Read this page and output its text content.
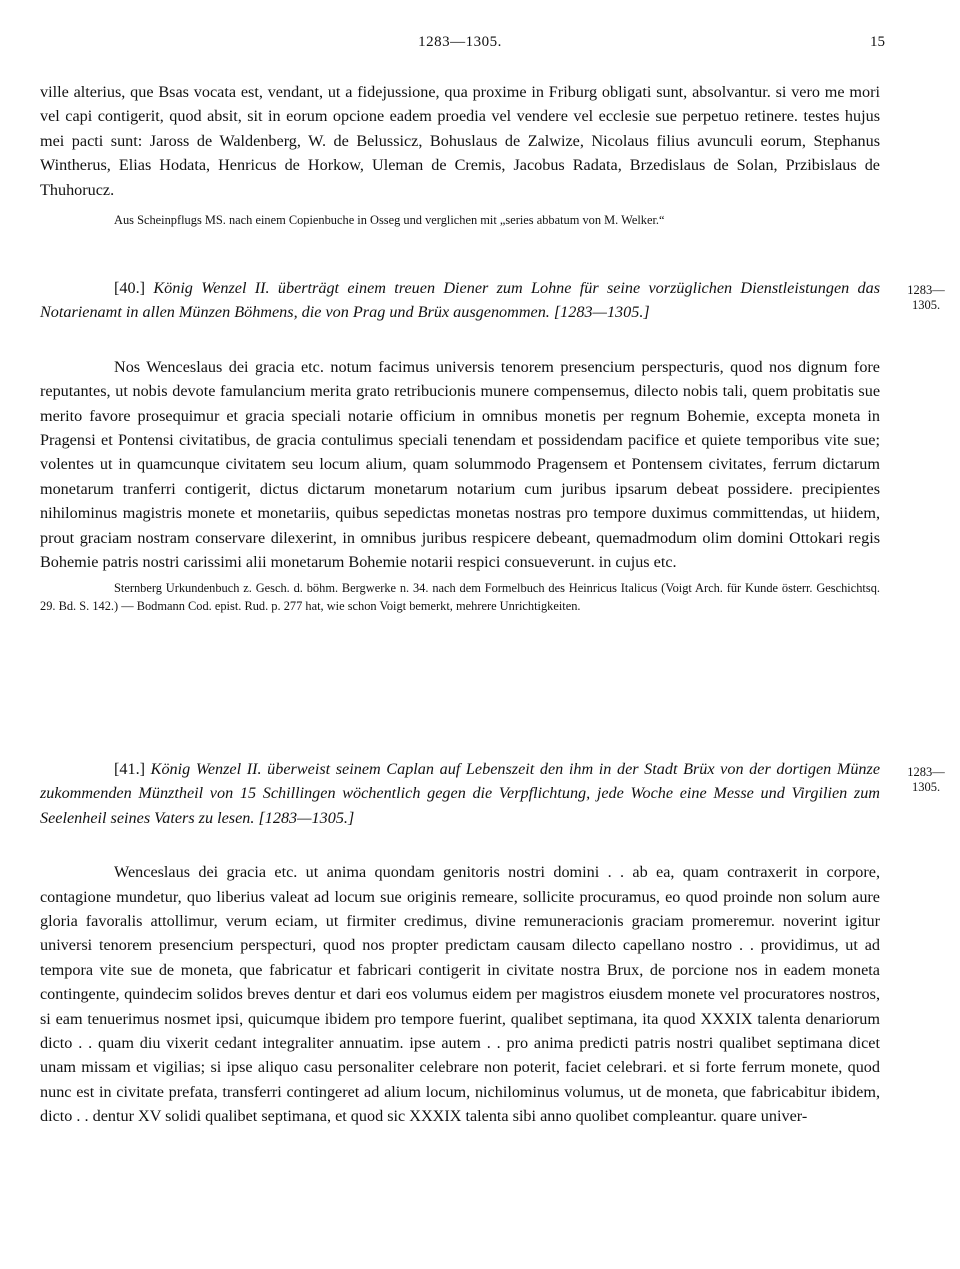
1283—1305.	15

ville alterius, que Bsas vocata est, vendant, ut a fidejussione, qua proxime in Friburg obligati sunt, absolvantur. si vero me mori vel capi contigerit, quod absit, sit in eorum opcione eadem proedia vel vendere vel ecclesie sue perpetuo retinere. testes hujus mei pacti sunt: Jaross de Waldenberg, W. de Belussicz, Bohuslaus de Zalwize, Nicolaus filius avunculi eorum, Stephanus Wintherus, Elias Hodata, Henricus de Horkow, Uleman de Cremis, Jacobus Radata, Brzedislaus de Solan, Przibislaus de Thuhorucz.

Aus Scheinpflugs MS. nach einem Copienbuche in Osseg und verglichen mit „series abbatum von M. Welker.“

1283—
1305.

[40.] König Wenzel II. überträgt einem treuen Diener zum Lohne für seine vorzüglichen Dienstleistungen das Notarienamt in allen Münzen Böhmens, die von Prag und Brüx ausgenommen. [1283—1305.]

Nos Wenceslaus dei gracia etc. notum facimus universis tenorem presencium perspecturis, quod nos dignum fore reputantes, ut nobis devote famulancium merita grato retribucionis munere compensemus, dilecto nobis tali, quem probitatis sue merito favore prosequimur et gracia speciali notarie officium in omnibus monetis per regnum Bohemie, excepta moneta in Pragensi et Pontensi civitatibus, de gracia contulimus speciali tenendam et possidendam pacifice et quiete temporibus vite sue; volentes ut in quamcunque civitatem seu locum alium, quam solummodo Pragensem et Pontensem civitates, ferrum dictarum monetarum tranferri contigerit, dictus dictarum monetarum notarium cum juribus ipsarum debeat possidere. precipientes nihilominus magistris monete et monetariis, quibus sepedictas monetas nostras pro tempore duximus committendas, ut hiidem, prout graciam nostram conservare dilexerint, in omnibus juribus respicere debeant, quemadmodum olim domini Ottokari regis Bohemie patris nostri carissimi alii monetarum Bohemie notarii respici consueverunt. in cujus etc.

Sternberg Urkundenbuch z. Gesch. d. böhm. Bergwerke n. 34. nach dem Formelbuch des Heinricus Italicus (Voigt Arch. für Kunde österr. Geschichtsq. 29. Bd. S. 142.) — Bodmann Cod. epist. Rud. p. 277 hat, wie schon Voigt bemerkt, mehrere Unrichtigkeiten.

1283—
1305.

[41.] König Wenzel II. überweist seinem Caplan auf Lebenszeit den ihm in der Stadt Brüx von der dortigen Münze zukommenden Münztheil von 15 Schillingen wöchentlich gegen die Verpflichtung, jede Woche eine Messe und Virgilien zum Seelenheil seines Vaters zu lesen. [1283—1305.]

Wenceslaus dei gracia etc. ut anima quondam genitoris nostri domini . . ab ea, quam contraxerit in corpore, contagione mundetur, quo liberius valeat ad locum sue originis remeare, sollicite procuramus, eo quod proinde non solum aure gloria favoralis attollimur, verum eciam, ut firmiter credimus, divine remuneracionis graciam promeremur. noverint igitur universi tenorem presencium perspecturi, quod nos propter predictam causam dilecto capellano nostro . . providimus, ut ad tempora vite sue de moneta, que fabricatur et fabricari contigerit in civitate nostra Brux, de porcione nos in eadem moneta contingente, quindecim solidos breves dentur et dari eos volumus eidem per magistros eiusdem monete vel procuratores nostros, si eam tenuerimus nosmet ipsi, quicumque ibidem pro tempore fuerint, qualibet septimana, ita quod XXXIX talenta denariorum dicto . . quam diu vixerit cedant integraliter annuatim. ipse autem . . pro anima predicti patris nostri qualibet septimana dicet unam missam et vigilias; si ipse aliquo casu personaliter celebrare non poterit, faciet celebrari. et si forte ferrum monete, quod nunc est in civitate prefata, transferri contingeret ad alium locum, nichilominus volumus, ut de moneta, que fabricabitur ibidem, dicto . . dentur XV solidi qualibet septimana, et quod sic XXXIX talenta sibi anno quolibet compleantur. quare univer-
